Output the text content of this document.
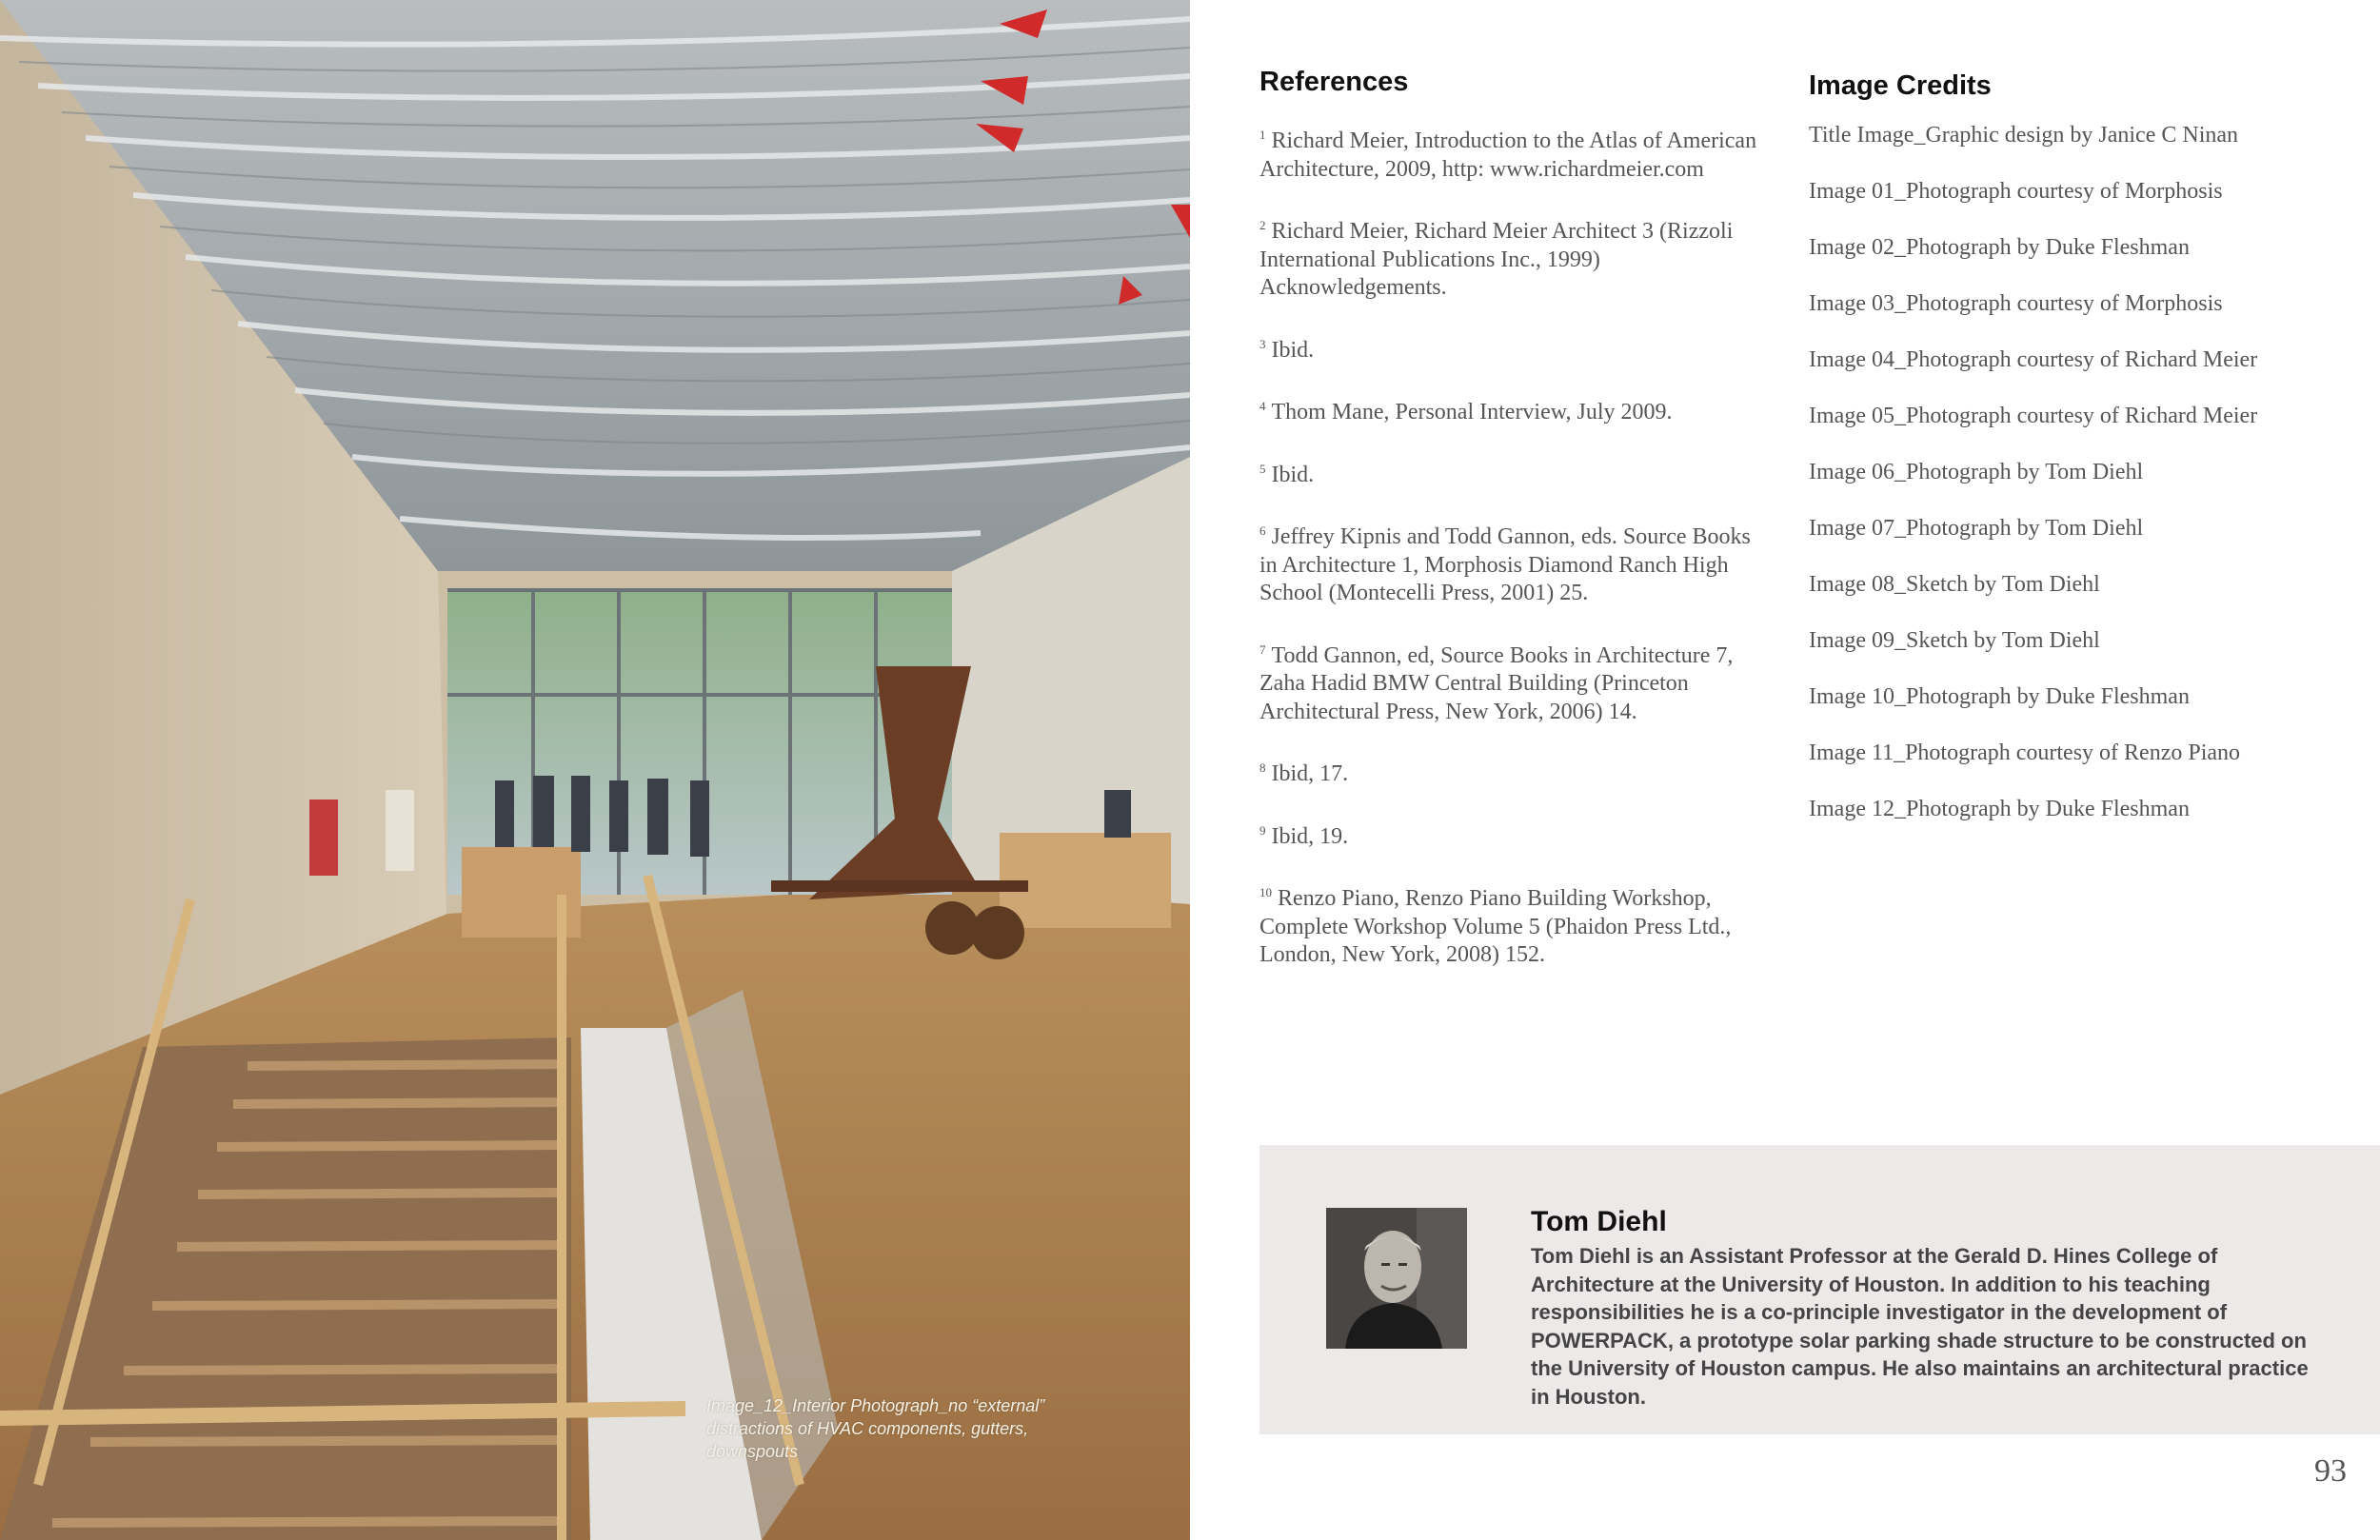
Image_12_Interior Photograph_no “external” distractions of HVAC components, gutters, downspouts
References
$^1$ Richard Meier, Introduction to the Atlas of American Architecture, 2009, http: www.richardmeier.com
$^2$ Richard Meier, Richard Meier Architect 3 (Rizzoli International Publications Inc., 1999) Acknowledgements.
$^3$ Ibid.
$^4$ Thom Mane, Personal Interview, July 2009.
$^5$ Ibid.
$^6$ Jeffrey Kipnis and Todd Gannon, eds. Source Books in Architecture 1, Morphosis Diamond Ranch High School (Montecelli Press, 2001) 25.
$^7$ Todd Gannon, ed, Source Books in Architecture 7, Zaha Hadid BMW Central Building (Princeton Architectural Press, New York, 2006) 14.
$^8$ Ibid, 17.
$^9$ Ibid, 19.
$^{10}$ Renzo Piano, Renzo Piano Building Workshop, Complete Workshop Volume 5 (Phaidon Press Ltd., London, New York, 2008) 152.
Image Credits
Title Image_Graphic design by Janice C Ninan
Image 01_Photograph courtesy of Morphosis
Image 02_Photograph by Duke Fleshman
Image 03_Photograph courtesy of Morphosis
Image 04_Photograph courtesy of Richard Meier
Image 05_Photograph courtesy of Richard Meier
Image 06_Photograph by Tom Diehl
Image 07_Photograph by Tom Diehl
Image 08_Sketch by Tom Diehl
Image 09_Sketch by Tom Diehl
Image 10_Photograph by Duke Fleshman
Image 11_Photograph courtesy of Renzo Piano
Image 12_Photograph by Duke Fleshman
Tom Diehl
Tom Diehl is an Assistant Professor at the Gerald D. Hines College of Architecture at the University of Houston. In addition to his teaching responsibilities he is a co-principle investigator in the development of POWERPACK, a prototype solar parking shade structure to be constructed on the University of Houston campus. He also maintains an architectural practice in Houston.
93
